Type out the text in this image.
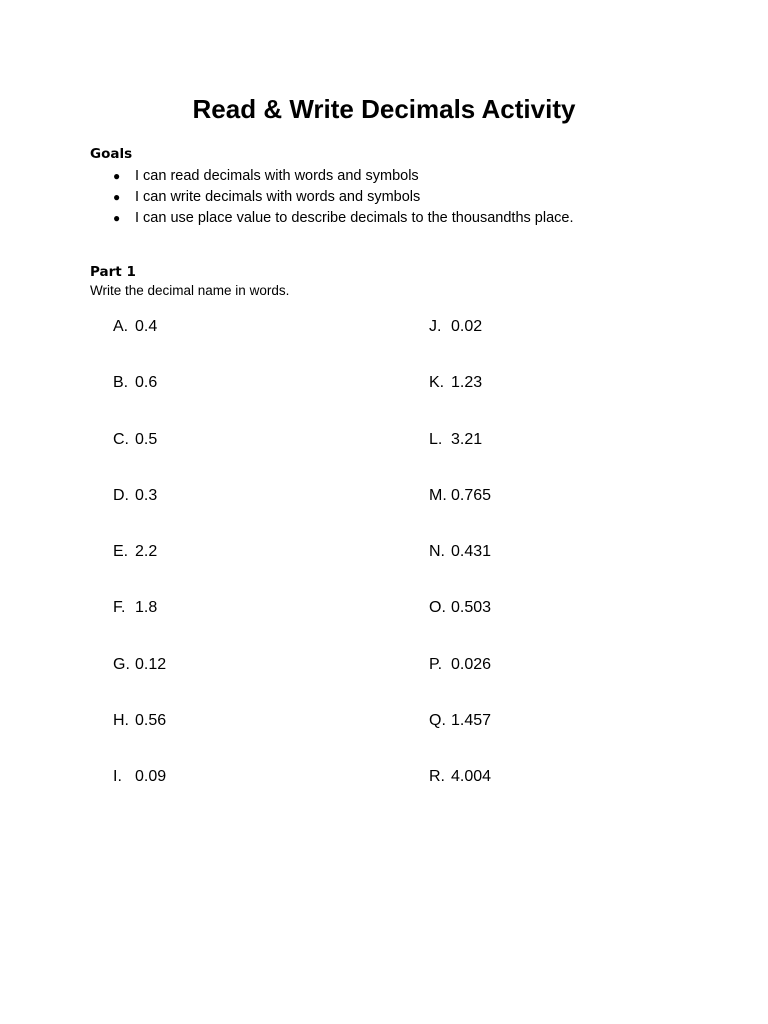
Read & Write Decimals Activity
Goals
● I can read decimals with words and symbols
● I can write decimals with words and symbols
● I can use place value to describe decimals to the thousandths place.
Part 1
Write the decimal name in words.
A. 0.4
B. 0.6
C. 0.5
D. 0.3
E. 2.2
F. 1.8
G. 0.12
H. 0.56
I. 0.09
J. 0.02
K. 1.23
L. 3.21
M. 0.765
N. 0.431
O. 0.503
P. 0.026
Q. 1.457
R. 4.004
